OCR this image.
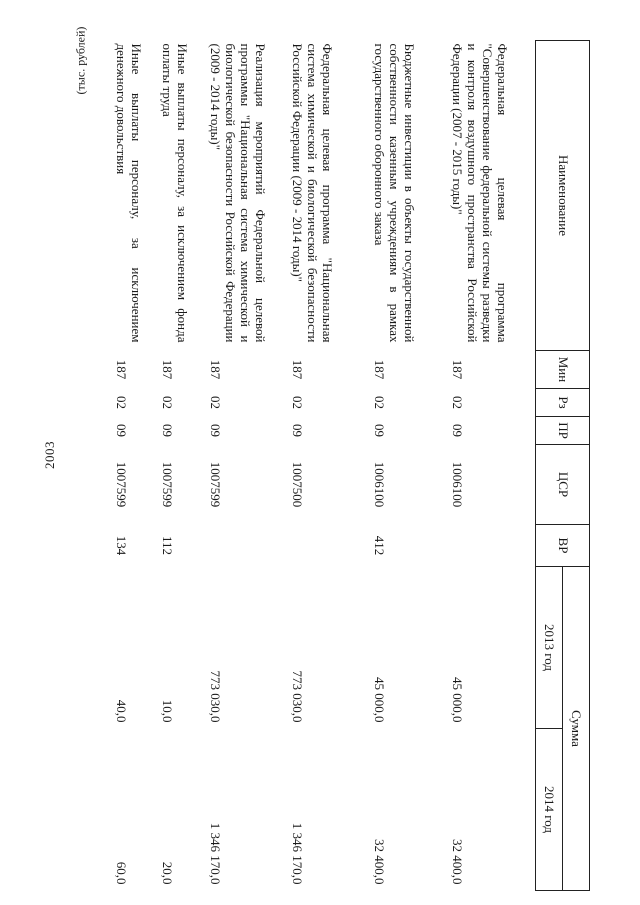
2003
(тыс. рублей)
Наименование	Мин	Рз	ПР	ЦСР	ВР	Сумма	
						2013 год	2014 год
Федеральная целевая программа "Совершенствование федеральной системы разведки и контроля воздушного пространства Российской Федерации (2007 - 2015 годы)"	187	02	09	1006100		45 000,0	32 400,0
Бюджетные инвестиции в объекты государственной собственности казенным учреждениям в рамках государственного оборонного заказа	187	02	09	1006100	412	45 000,0	32 400,0
Федеральная целевая программа "Национальная система химической и биологической безопасности Российской Федерации (2009 - 2014 годы)"	187	02	09	1007500		773 030,0	1 346 170,0
Реализация мероприятий Федеральной целевой программы "Национальная система химической и биологической безопасности Российской Федерации (2009 - 2014 годы)"	187	02	09	1007599		773 030,0	1 346 170,0
Иные выплаты персоналу, за исключением фонда оплаты труда	187	02	09	1007599	112	10,0	20,0
Иные выплаты персоналу, за исключением денежного довольствия	187	02	09	1007599	134	40,0	60,0
